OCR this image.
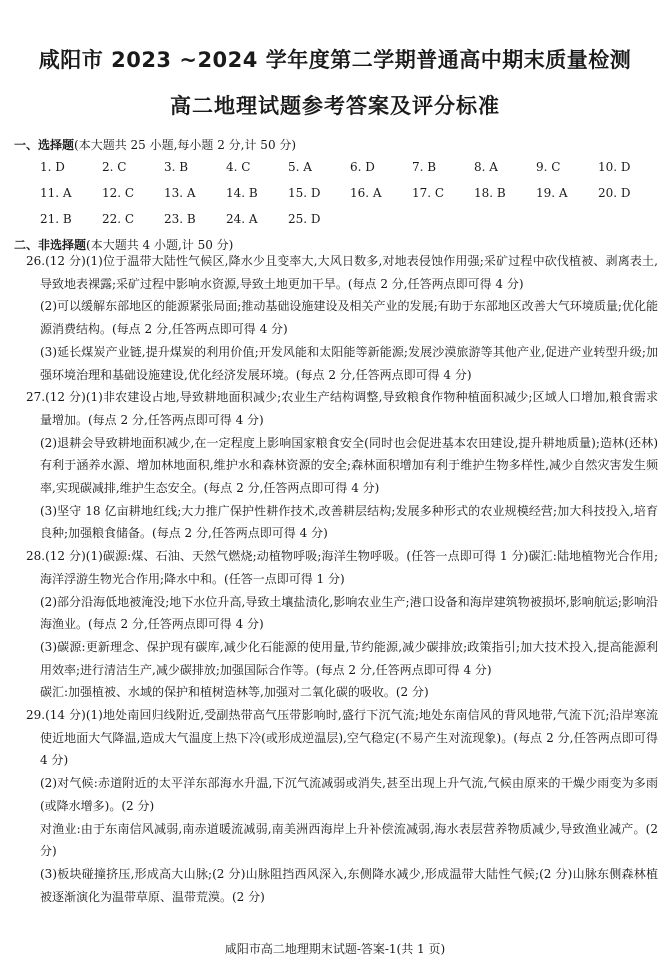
咸阳市 2023 ~2024 学年度第二学期普通高中期末质量检测
高二地理试题参考答案及评分标准
一、选择题(本大题共 25 小题,每小题 2 分,计 50 分)
1. D	2. C	3. B	4. C	5. A	6. D	7. B	8. A	9. C	10. D
11. A	12. C	13. A	14. B	15. D	16. A	17. C	18. B	19. A	20. D
21. B	22. C	23. B	24. A	25. D
二、非选择题(本大题共 4 小题,计 50 分)

26.(12 分)(1)位于温带大陆性气候区,降水少且变率大,大风日数多,对地表侵蚀作用强;采矿过程中砍伐植被、剥离表土,导致地表裸露;采矿过程中影响水资源,导致土地更加干旱。(每点 2 分,任答两点即可得 4 分)

(2)可以缓解东部地区的能源紧张局面;推动基础设施建设及相关产业的发展;有助于东部地区改善大气环境质量;优化能源消费结构。(每点 2 分,任答两点即可得 4 分)

(3)延长煤炭产业链,提升煤炭的利用价值;开发风能和太阳能等新能源;发展沙漠旅游等其他产业,促进产业转型升级;加强环境治理和基础设施建设,优化经济发展环境。(每点 2 分,任答两点即可得 4 分)

27.(12 分)(1)非农建设占地,导致耕地面积减少;农业生产结构调整,导致粮食作物种植面积减少;区域人口增加,粮食需求量增加。(每点 2 分,任答两点即可得 4 分)

(2)退耕会导致耕地面积减少,在一定程度上影响国家粮食安全(同时也会促进基本农田建设,提升耕地质量);造林(还林)有利于涵养水源、增加林地面积,维护水和森林资源的安全;森林面积增加有利于维护生物多样性,减少自然灾害发生频率,实现碳减排,维护生态安全。(每点 2 分,任答两点即可得 4 分)

(3)坚守 18 亿亩耕地红线;大力推广保护性耕作技术,改善耕层结构;发展多种形式的农业规模经营;加大科技投入,培育良种;加强粮食储备。(每点 2 分,任答两点即可得 4 分)

28.(12 分)(1)碳源:煤、石油、天然气燃烧;动植物呼吸;海洋生物呼吸。(任答一点即可得 1 分)碳汇:陆地植物光合作用;海洋浮游生物光合作用;降水中和。(任答一点即可得 1 分)

(2)部分沿海低地被淹没;地下水位升高,导致土壤盐渍化,影响农业生产;港口设备和海岸建筑物被损坏,影响航运;影响沿海渔业。(每点 2 分,任答两点即可得 4 分)

(3)碳源:更新理念、保护现有碳库,减少化石能源的使用量,节约能源,减少碳排放;政策指引;加大技术投入,提高能源利用效率;进行清洁生产,减少碳排放;加强国际合作等。(每点 2 分,任答两点即可得 4 分)

碳汇:加强植被、水域的保护和植树造林等,加强对二氧化碳的吸收。(2 分)

29.(14 分)(1)地处南回归线附近,受副热带高气压带影响时,盛行下沉气流;地处东南信风的背风地带,气流下沉;沿岸寒流使近地面大气降温,造成大气温度上热下冷(或形成逆温层),空气稳定(不易产生对流现象)。(每点 2 分,任答两点即可得 4 分)

(2)对气候:赤道附近的太平洋东部海水升温,下沉气流减弱或消失,甚至出现上升气流,气候由原来的干燥少雨变为多雨(或降水增多)。(2 分)

对渔业:由于东南信风减弱,南赤道暖流减弱,南美洲西海岸上升补偿流减弱,海水表层营养物质减少,导致渔业减产。(2 分)

(3)板块碰撞挤压,形成高大山脉;(2 分)山脉阻挡西风深入,东侧降水减少,形成温带大陆性气候;(2 分)山脉东侧森林植被逐渐演化为温带草原、温带荒漠。(2 分)

咸阳市高二地理期末试题-答案-1(共 1 页)
